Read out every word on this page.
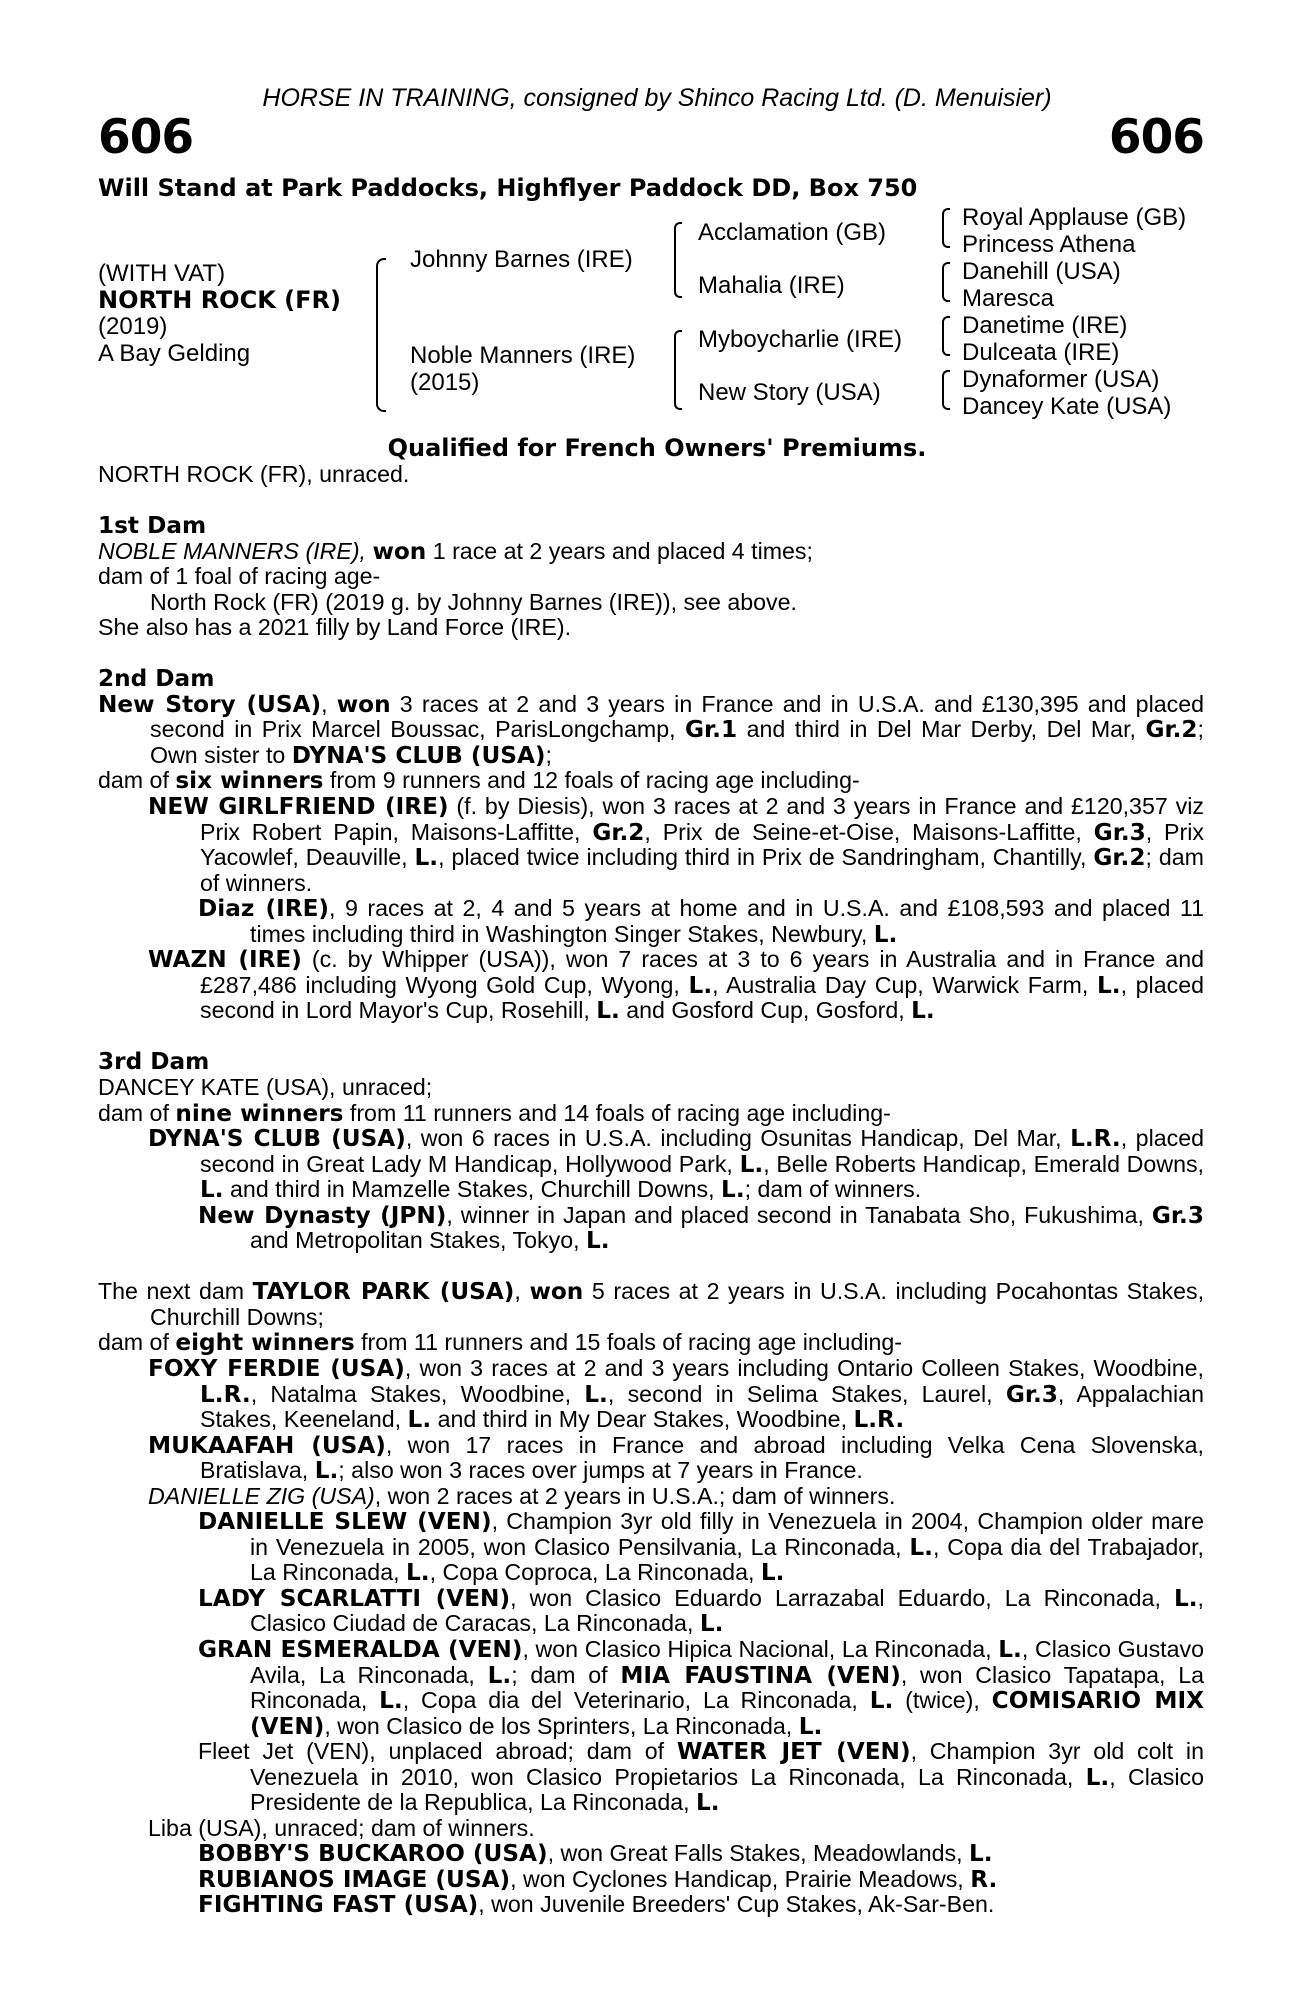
HORSE IN TRAINING, consigned by Shinco Racing Ltd. (D. Menuisier)
606	606
Will Stand at Park Paddocks, Highflyer Paddock DD, Box 750
(WITH VAT)
NORTH ROCK (FR)
(2019)
A Bay Gelding
Johnny Barnes (IRE)
Noble Manners (IRE)
(2015)
Acclamation (GB)
Mahalia (IRE)
Myboycharlie (IRE)
New Story (USA)
Royal Applause (GB)
Princess Athena
Danehill (USA)
Maresca
Danetime (IRE)
Dulceata (IRE)
Dynaformer (USA)
Dancey Kate (USA)
Qualified for French Owners' Premiums.

NORTH ROCK (FR), unraced.

1st Dam

NOBLE MANNERS (IRE), won 1 race at 2 years and placed 4 times;

dam of 1 foal of racing age-

North Rock (FR) (2019 g. by Johnny Barnes (IRE)), see above.

She also has a 2021 filly by Land Force (IRE).

2nd Dam

New Story (USA), won 3 races at 2 and 3 years in France and in U.S.A. and £130,395 and placed second in Prix Marcel Boussac, ParisLongchamp, Gr.1 and third in Del Mar Derby, Del Mar, Gr.2; Own sister to DYNA'S CLUB (USA);

dam of six winners from 9 runners and 12 foals of racing age including-

NEW GIRLFRIEND (IRE) (f. by Diesis), won 3 races at 2 and 3 years in France and £120,357 viz Prix Robert Papin, Maisons-Laffitte, Gr.2, Prix de Seine-et-Oise, Maisons-Laffitte, Gr.3, Prix Yacowlef, Deauville, L., placed twice including third in Prix de Sandringham, Chantilly, Gr.2; dam of winners.

Diaz (IRE), 9 races at 2, 4 and 5 years at home and in U.S.A. and £108,593 and placed 11 times including third in Washington Singer Stakes, Newbury, L.

WAZN (IRE) (c. by Whipper (USA)), won 7 races at 3 to 6 years in Australia and in France and £287,486 including Wyong Gold Cup, Wyong, L., Australia Day Cup, Warwick Farm, L., placed second in Lord Mayor's Cup, Rosehill, L. and Gosford Cup, Gosford, L.

3rd Dam

DANCEY KATE (USA), unraced;

dam of nine winners from 11 runners and 14 foals of racing age including-

DYNA'S CLUB (USA), won 6 races in U.S.A. including Osunitas Handicap, Del Mar, L.R., placed second in Great Lady M Handicap, Hollywood Park, L., Belle Roberts Handicap, Emerald Downs, L. and third in Mamzelle Stakes, Churchill Downs, L.; dam of winners.

New Dynasty (JPN), winner in Japan and placed second in Tanabata Sho, Fukushima, Gr.3 and Metropolitan Stakes, Tokyo, L.

The next dam TAYLOR PARK (USA), won 5 races at 2 years in U.S.A. including Pocahontas Stakes, Churchill Downs;

dam of eight winners from 11 runners and 15 foals of racing age including-

FOXY FERDIE (USA), won 3 races at 2 and 3 years including Ontario Colleen Stakes, Woodbine, L.R., Natalma Stakes, Woodbine, L., second in Selima Stakes, Laurel, Gr.3, Appalachian Stakes, Keeneland, L. and third in My Dear Stakes, Woodbine, L.R.

MUKAAFAH (USA), won 17 races in France and abroad including Velka Cena Slovenska, Bratislava, L.; also won 3 races over jumps at 7 years in France.

DANIELLE ZIG (USA), won 2 races at 2 years in U.S.A.; dam of winners.

DANIELLE SLEW (VEN), Champion 3yr old filly in Venezuela in 2004, Champion older mare in Venezuela in 2005, won Clasico Pensilvania, La Rinconada, L., Copa dia del Trabajador, La Rinconada, L., Copa Coproca, La Rinconada, L.

LADY SCARLATTI (VEN), won Clasico Eduardo Larrazabal Eduardo, La Rinconada, L., Clasico Ciudad de Caracas, La Rinconada, L.

GRAN ESMERALDA (VEN), won Clasico Hipica Nacional, La Rinconada, L., Clasico Gustavo Avila, La Rinconada, L.; dam of MIA FAUSTINA (VEN), won Clasico Tapatapa, La Rinconada, L., Copa dia del Veterinario, La Rinconada, L. (twice), COMISARIO MIX (VEN), won Clasico de los Sprinters, La Rinconada, L.

Fleet Jet (VEN), unplaced abroad; dam of WATER JET (VEN), Champion 3yr old colt in Venezuela in 2010, won Clasico Propietarios La Rinconada, La Rinconada, L., Clasico Presidente de la Republica, La Rinconada, L.

Liba (USA), unraced; dam of winners.

BOBBY'S BUCKAROO (USA), won Great Falls Stakes, Meadowlands, L.

RUBIANOS IMAGE (USA), won Cyclones Handicap, Prairie Meadows, R.

FIGHTING FAST (USA), won Juvenile Breeders' Cup Stakes, Ak-Sar-Ben.
